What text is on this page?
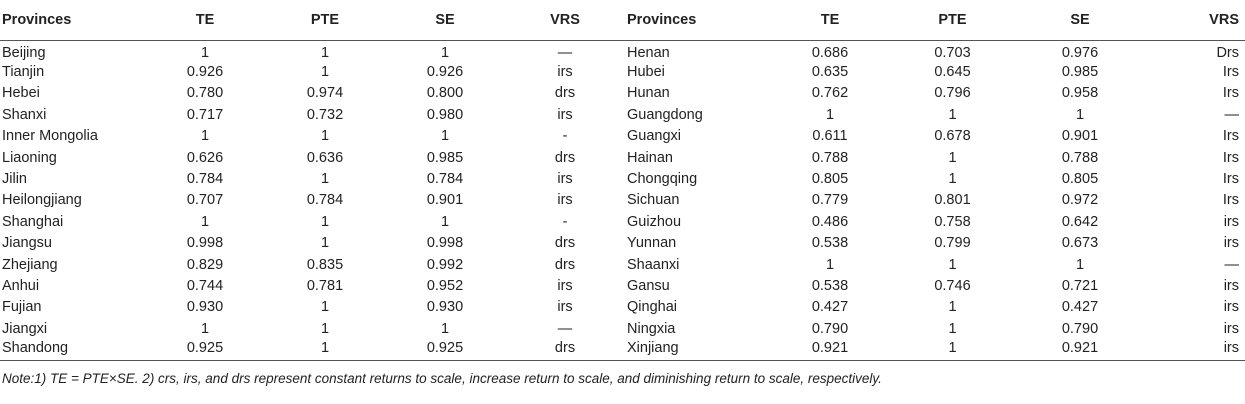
Provinces	TE	PTE	SE	VRS	Provinces	TE	PTE	SE	VRS
Beijing	1	1	1	—	Henan	0.686	0.703	0.976	Drs
Tianjin	0.926	1	0.926	irs	Hubei	0.635	0.645	0.985	Irs
Hebei	0.780	0.974	0.800	drs	Hunan	0.762	0.796	0.958	Irs
Shanxi	0.717	0.732	0.980	irs	Guangdong	1	1	1	—
Inner Mongolia	1	1	1	-	Guangxi	0.611	0.678	0.901	Irs
Liaoning	0.626	0.636	0.985	drs	Hainan	0.788	1	0.788	Irs
Jilin	0.784	1	0.784	irs	Chongqing	0.805	1	0.805	Irs
Heilongjiang	0.707	0.784	0.901	irs	Sichuan	0.779	0.801	0.972	Irs
Shanghai	1	1	1	-	Guizhou	0.486	0.758	0.642	irs
Jiangsu	0.998	1	0.998	drs	Yunnan	0.538	0.799	0.673	irs
Zhejiang	0.829	0.835	0.992	drs	Shaanxi	1	1	1	—
Anhui	0.744	0.781	0.952	irs	Gansu	0.538	0.746	0.721	irs
Fujian	0.930	1	0.930	irs	Qinghai	0.427	1	0.427	irs
Jiangxi	1	1	1	—	Ningxia	0.790	1	0.790	irs
Shandong	0.925	1	0.925	drs	Xinjiang	0.921	1	0.921	irs
Note:1) TE = PTE×SE. 2) crs, irs, and drs represent constant returns to scale, increase return to scale, and diminishing return to scale, respectively.
